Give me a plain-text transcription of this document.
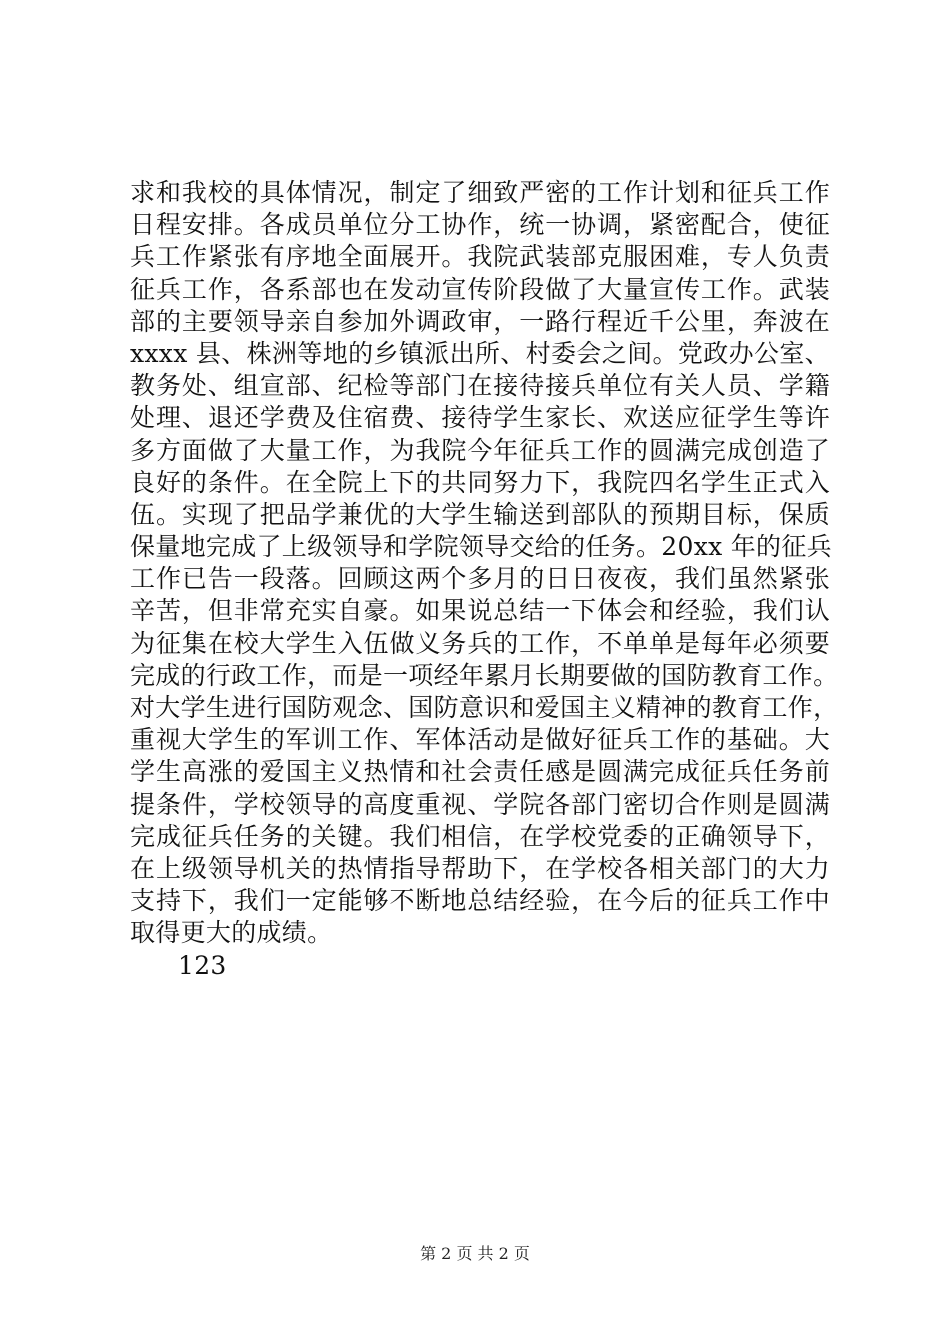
求和我校的具体情况，制定了细致严密的工作计划和征兵工作
日程安排。各成员单位分工协作，统一协调，紧密配合，使征
兵工作紧张有序地全面展开。我院武装部克服困难，专人负责
征兵工作，各系部也在发动宣传阶段做了大量宣传工作。武装
部的主要领导亲自参加外调政审，一路行程近千公里，奔波在
xxxx 县、株洲等地的乡镇派出所、村委会之间。党政办公室、
教务处、组宣部、纪检等部门在接待接兵单位有关人员、学籍
处理、退还学费及住宿费、接待学生家长、欢送应征学生等许
多方面做了大量工作，为我院今年征兵工作的圆满完成创造了
良好的条件。在全院上下的共同努力下，我院四名学生正式入
伍。实现了把品学兼优的大学生输送到部队的预期目标，保质
保量地完成了上级领导和学院领导交给的任务。20xx 年的征兵
工作已告一段落。回顾这两个多月的日日夜夜，我们虽然紧张
辛苦，但非常充实自豪。如果说总结一下体会和经验，我们认
为征集在校大学生入伍做义务兵的工作，不单单是每年必须要
完成的行政工作，而是一项经年累月长期要做的国防教育工作。
对大学生进行国防观念、国防意识和爱国主义精神的教育工作，
重视大学生的军训工作、军体活动是做好征兵工作的基础。大
学生高涨的爱国主义热情和社会责任感是圆满完成征兵任务前
提条件，学校领导的高度重视、学院各部门密切合作则是圆满
完成征兵任务的关键。我们相信，在学校党委的正确领导下，
在上级领导机关的热情指导帮助下，在学校各相关部门的大力
支持下，我们一定能够不断地总结经验，在今后的征兵工作中
取得更大的成绩。
123
第 2 页 共 2 页
